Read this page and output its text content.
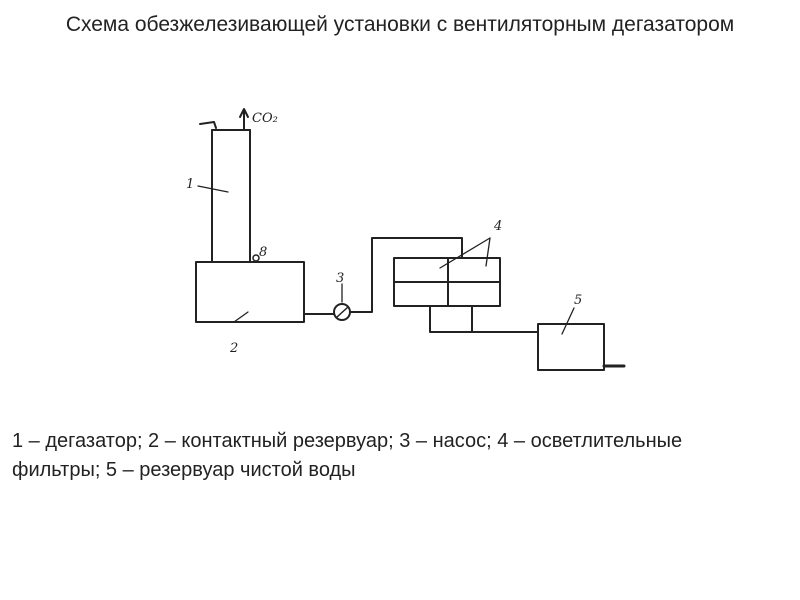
Схема обезжелезивающей установки с вентиляторным дегазатором
CO₂
1
8
2
3
4
5
1 – дегазатор; 2 – контактный резервуар; 3 – насос; 4 – осветлительные фильтры; 5 – резервуар чистой воды
